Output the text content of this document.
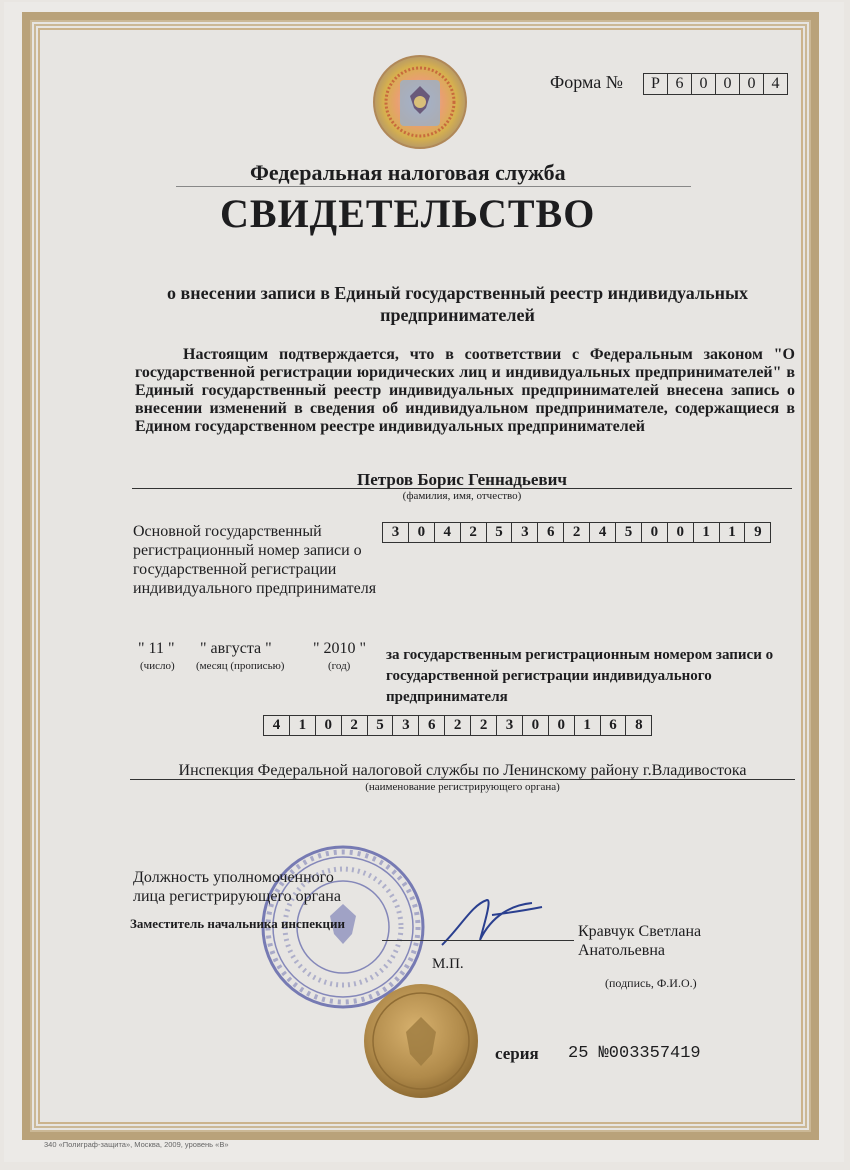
Форма №	Р 6	0	0	0	4
Федеральная налоговая служба
СВИДЕТЕЛЬСТВО
о внесении записи в Единый государственный реестр индивидуальных предпринимателей
Настоящим подтверждается, что в соответствии с Федеральным законом "О государственной регистрации юридических лиц и индивидуальных предпринимателей" в Единый государственный реестр индивидуальных предпринимателей внесена запись о внесении изменений в сведения об индивидуальном предпринимателе, содержащиеся в Едином государственном реестре индивидуальных предпринимателей
Петров Борис Геннадьевич
(фамилия, имя, отчество)
Основной государственный регистрационный номер записи о государственной регистрации индивидуального предпринимателя
3	0	4	2	5	3	6	2	4	5	0	0	1	1	9
" 11 " " августа "	" 2010 "
(число) (месяц (прописью)	(год)
за государственным регистрационным номером записи о государственной регистрации индивидуального предпринимателя
4	1	0	2	5	3	6	2	2	3	0	0	1	6	8
Инспекция Федеральной налоговой службы по Ленинскому району г.Владивостока
(наименование регистрирующего органа)
Должность уполномоченного лица регистрирующего органа
Заместитель начальника инспекции	Кравчук Светлана Анатольевна
М.П.
(подпись, Ф.И.О.)
серия 25 №003357419
340 «Полиграф-защита», Москва, 2009, уровень «В»
